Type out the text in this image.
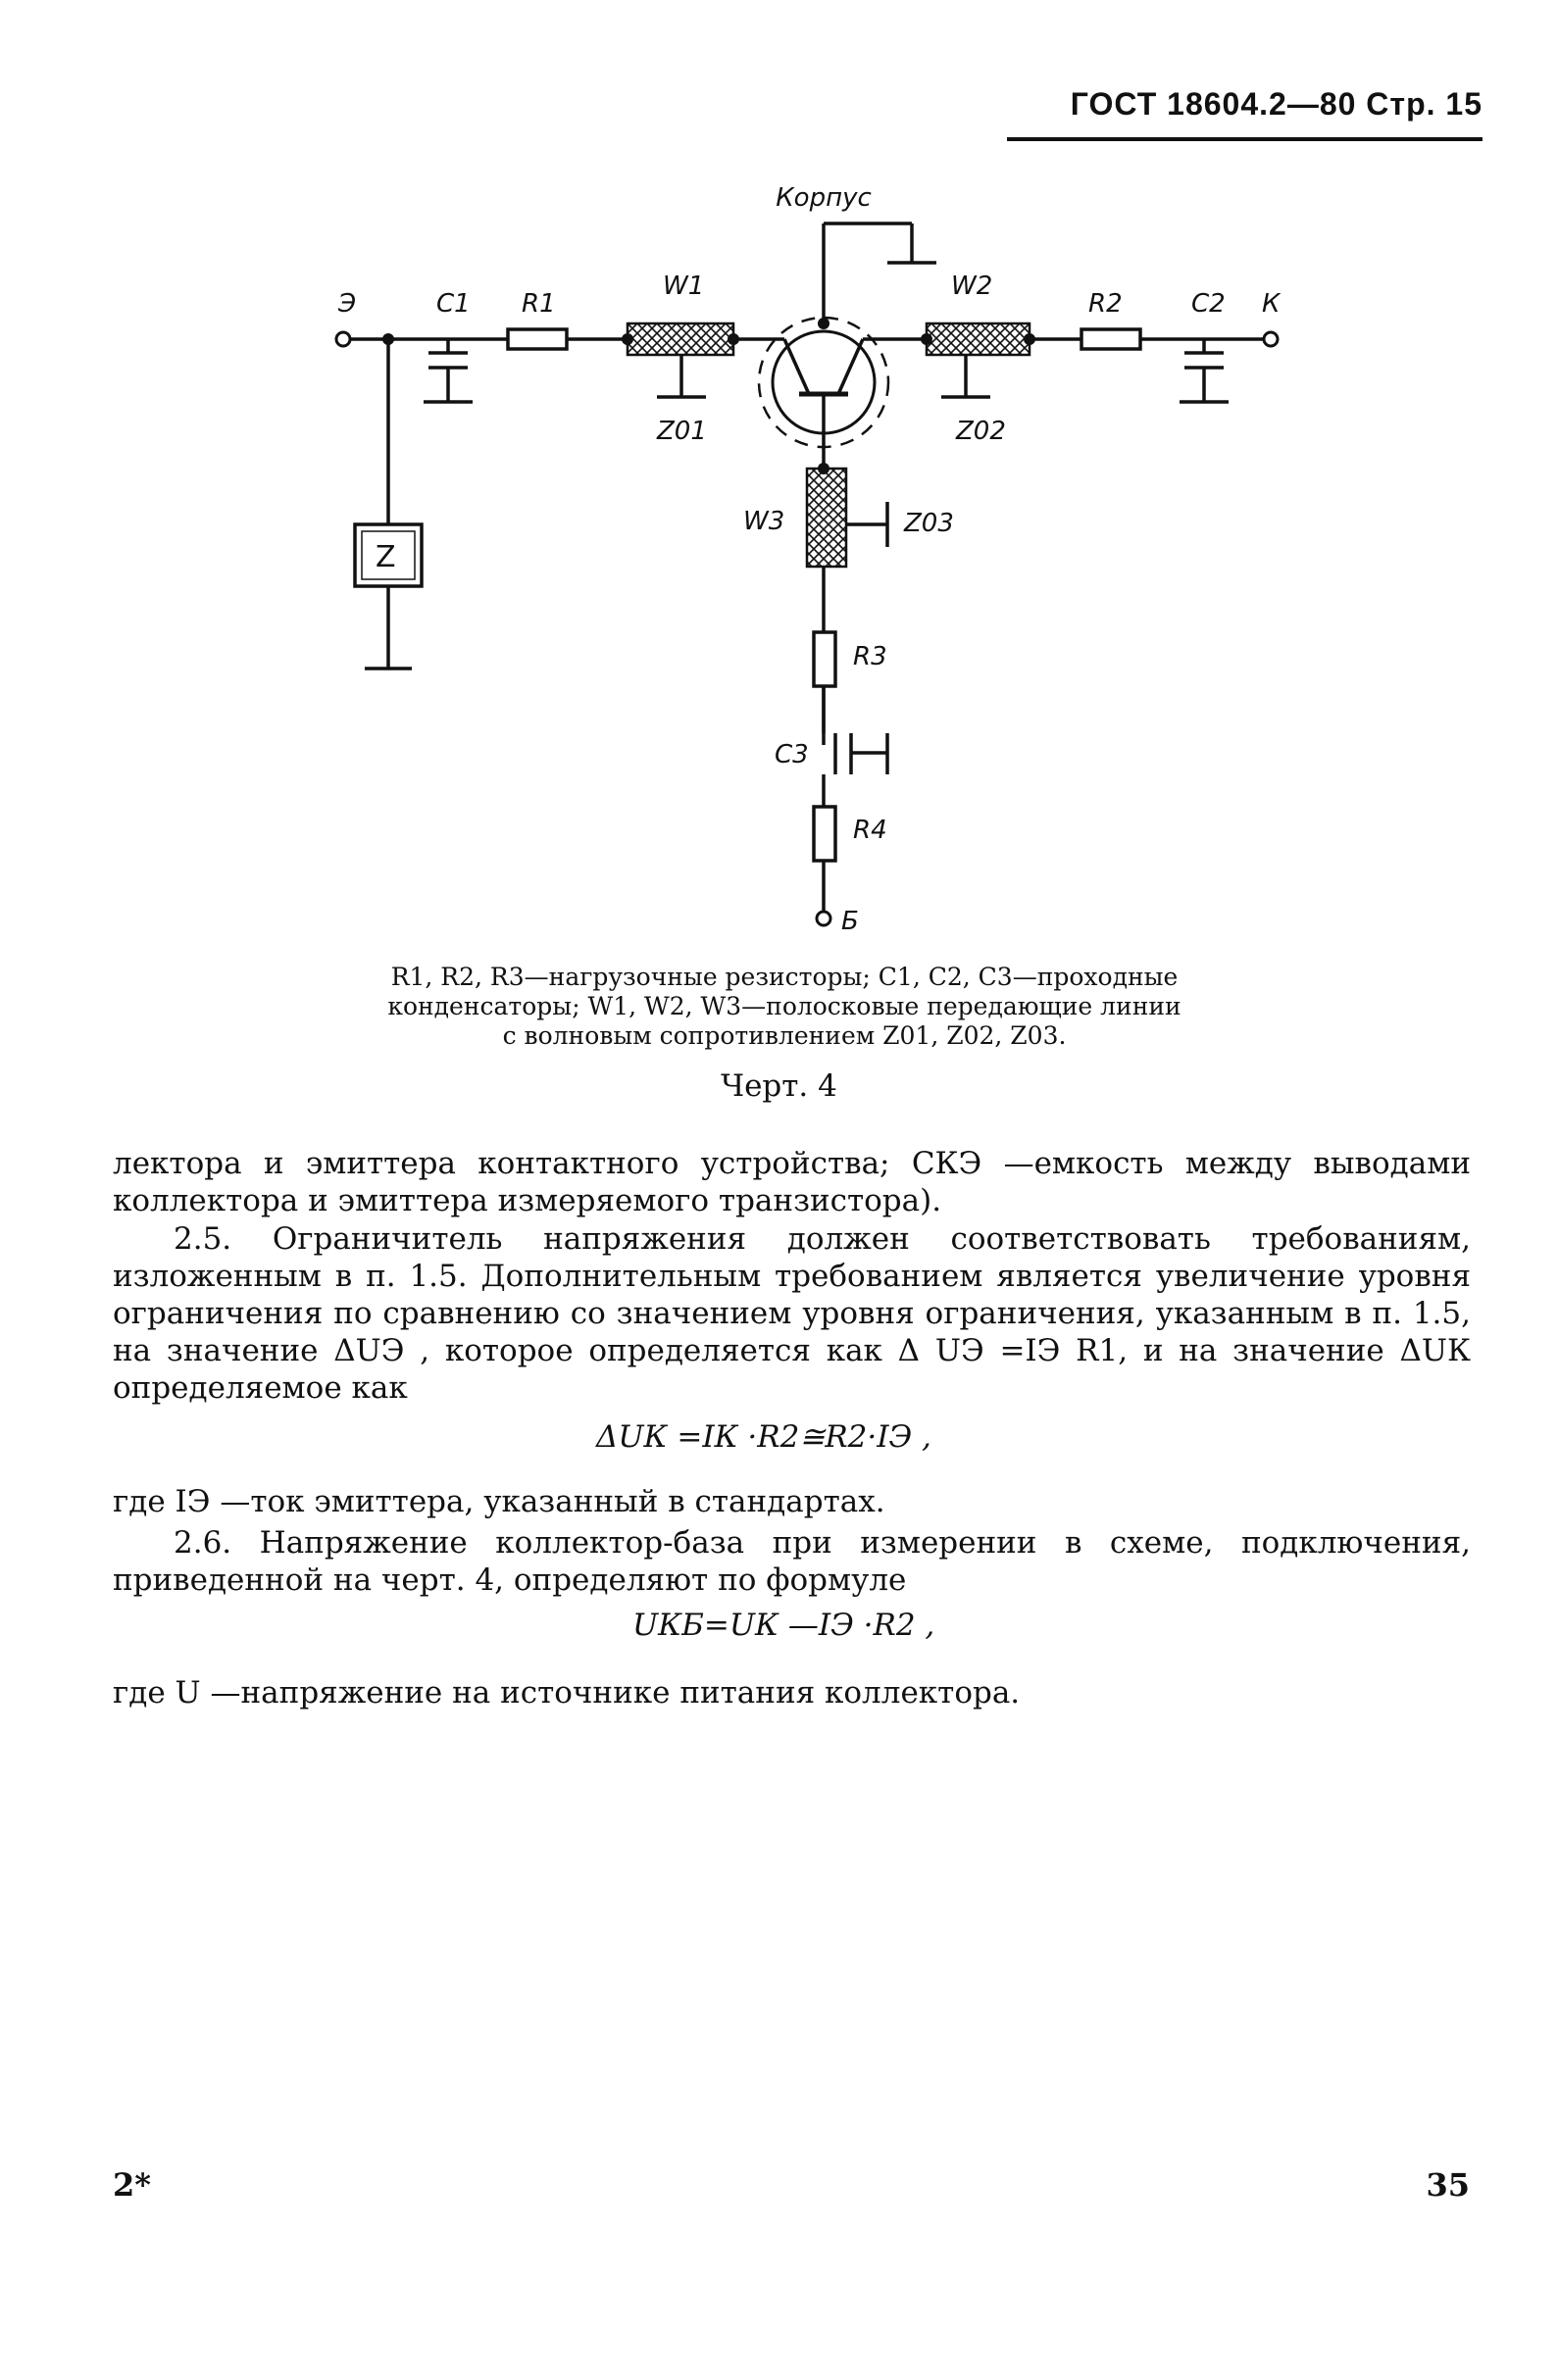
ГОСТ 18604.2—80 Стр. 15
Корпус
Э	C1 R1
W1	W2
R2	C2 К
Z01	Z02
W3	Z03
Z
R3
C3
R4
Б
R1, R2, R3—нагрузочные резисторы; C1, C2, C3—проходные
конденсаторы; W1, W2, W3—полосковые передающие линии
с волновым сопротивлением Z01, Z02, Z03.
Черт. 4
лектора и эмиттера контактного устройства; CКЭ —емкость между выводами коллектора и эмиттера измеряемого транзистора).
2.5. Ограничитель напряжения должен соответствовать требованиям, изложенным в п. 1.5. Дополнительным требованием является увеличение уровня ограничения по сравнению со значением уровня ограничения, указанным в п. 1.5, на значение ΔUЭ , которое определяется как Δ UЭ =IЭ R1, и на значение ΔUК определяемое как
ΔUК =IК ·R2≅R2·IЭ ,
где IЭ —ток эмиттера, указанный в стандартах.
2.6. Напряжение коллектор-база при измерении в схеме, подключения, приведенной на черт. 4, определяют по формуле
UКБ=UК —IЭ ·R2 ,
где U —напряжение на источнике питания коллектора.
2*	35
